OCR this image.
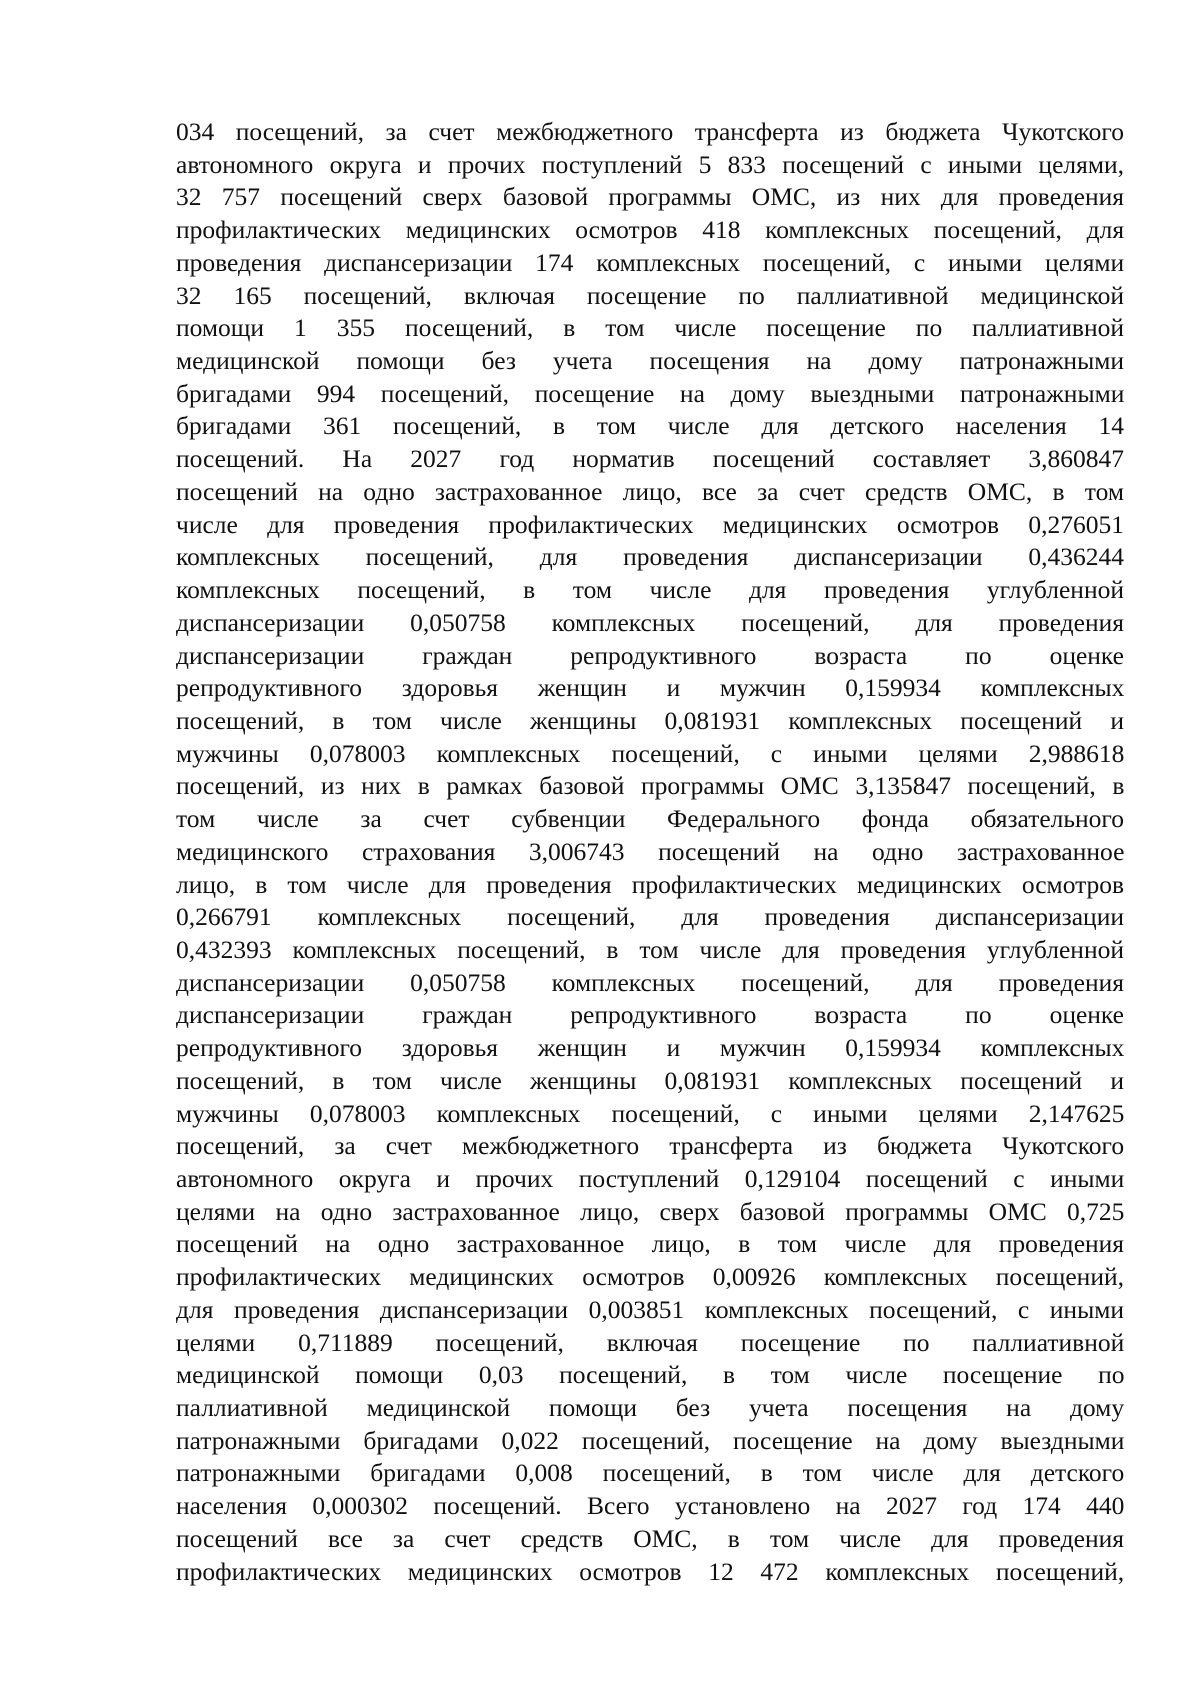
034 посещений, за счет межбюджетного трансферта из бюджета Чукотского
автономного округа и прочих поступлений 5 833 посещений с иными целями,
32 757 посещений сверх базовой программы ОМС, из них для проведения
профилактических медицинских осмотров 418 комплексных посещений, для
проведения диспансеризации 174 комплексных посещений, с иными целями
32 165 посещений, включая посещение по паллиативной медицинской
помощи 1 355 посещений, в том числе посещение по паллиативной
медицинской помощи без учета посещения на дому патронажными
бригадами 994 посещений, посещение на дому выездными патронажными
бригадами 361 посещений, в том числе для детского населения 14
посещений. На 2027 год норматив посещений составляет 3,860847
посещений на одно застрахованное лицо, все за счет средств ОМС, в том
числе для проведения профилактических медицинских осмотров 0,276051
комплексных посещений, для проведения диспансеризации 0,436244
комплексных посещений, в том числе для проведения углубленной
диспансеризации 0,050758 комплексных посещений, для проведения
диспансеризации граждан репродуктивного возраста по оценке
репродуктивного здоровья женщин и мужчин 0,159934 комплексных
посещений, в том числе женщины 0,081931 комплексных посещений и
мужчины 0,078003 комплексных посещений, с иными целями 2,988618
посещений, из них в рамках базовой программы ОМС 3,135847 посещений, в
том числе за счет субвенции Федерального фонда обязательного
медицинского страхования 3,006743 посещений на одно застрахованное
лицо, в том числе для проведения профилактических медицинских осмотров
0,266791 комплексных посещений, для проведения диспансеризации
0,432393 комплексных посещений, в том числе для проведения углубленной
диспансеризации 0,050758 комплексных посещений, для проведения
диспансеризации граждан репродуктивного возраста по оценке
репродуктивного здоровья женщин и мужчин 0,159934 комплексных
посещений, в том числе женщины 0,081931 комплексных посещений и
мужчины 0,078003 комплексных посещений, с иными целями 2,147625
посещений, за счет межбюджетного трансферта из бюджета Чукотского
автономного округа и прочих поступлений 0,129104 посещений с иными
целями на одно застрахованное лицо, сверх базовой программы ОМС 0,725
посещений на одно застрахованное лицо, в том числе для проведения
профилактических медицинских осмотров 0,00926 комплексных посещений,
для проведения диспансеризации 0,003851 комплексных посещений, с иными
целями 0,711889 посещений, включая посещение по паллиативной
медицинской помощи 0,03 посещений, в том числе посещение по
паллиативной медицинской помощи без учета посещения на дому
патронажными бригадами 0,022 посещений, посещение на дому выездными
патронажными бригадами 0,008 посещений, в том числе для детского
населения 0,000302 посещений. Всего установлено на 2027 год 174 440
посещений все за счет средств ОМС, в том числе для проведения
профилактических медицинских осмотров 12 472 комплексных посещений,
